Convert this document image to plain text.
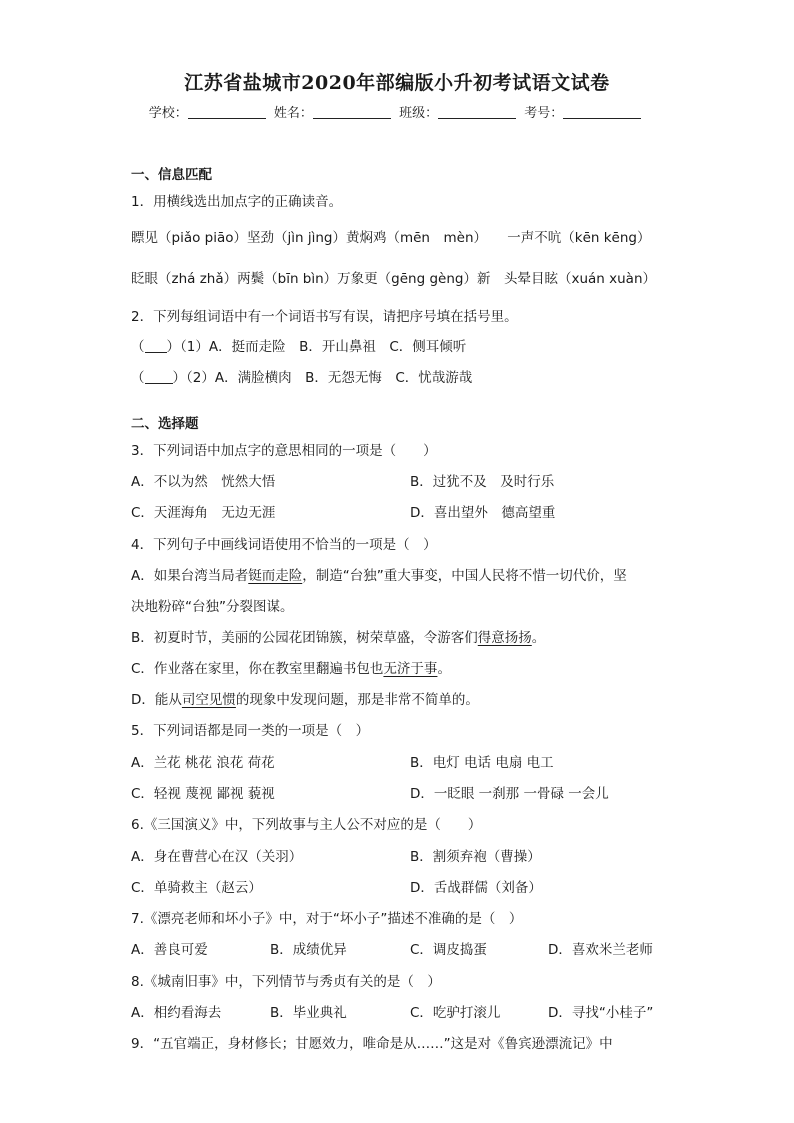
江苏省盐城市2020年部编版小升初考试语文试卷
学校：	姓名：	班级：	考号：
一、信息匹配
1．用横线选出加点字的正确读音。
瞟见（piǎo piāo）坚劲（jìn jìng）黄焖鸡（mēn　mèn）　　一声不吭（kēn kēng）
眨眼（zhá zhǎ）两鬓（bīn bìn）万象更（gēng gèng）新　头晕目眩（xuán xuàn）
2．下列每组词语中有一个词语书写有误，请把序号填在括号里。
（ ）（1）A．挺而走险　B．开山鼻祖　C．侧耳倾听
（ ）（2）A．满脸横肉　B．无怨无悔　C．忧哉游哉
二、选择题
3．下列词语中加点字的意思相同的一项是（　　）
A．不以为然　恍然大悟	B．过犹不及　及时行乐
C．天涯海角　无边无涯	D．喜出望外　德高望重
4．下列句子中画线词语使用不恰当的一项是（　）
A．如果台湾当局者铤而走险，制造“台独”重大事变，中国人民将不惜一切代价，坚
决地粉碎“台独”分裂图谋。
B．初夏时节，美丽的公园花团锦簇，树荣草盛，令游客们得意扬扬。
C．作业落在家里，你在教室里翻遍书包也无济于事。
D．能从司空见惯的现象中发现问题，那是非常不简单的。
5．下列词语都是同一类的一项是（　）
A．兰花 桃花 浪花 荷花	B．电灯 电话 电扇 电工
C．轻视 蔑视 鄙视 藐视	D．一眨眼 一刹那 一骨碌 一会儿
6.《三国演义》中，下列故事与主人公不对应的是（　　）
A．身在曹营心在汉（关羽）	B．割须弃袍（曹操）
C．单骑救主（赵云）	D．舌战群儒（刘备）
7.《漂亮老师和坏小子》中，对于“坏小子”描述不准确的是（　）
A．善良可爱	B．成绩优异	C．调皮捣蛋	D．喜欢米兰老师
8.《城南旧事》中，下列情节与秀贞有关的是（　）
A．相约看海去	B．毕业典礼	C．吃驴打滚儿	D．寻找“小桂子”
9．“五官端正，身材修长；甘愿效力，唯命是从……”这是对《鲁宾逊漂流记》中
